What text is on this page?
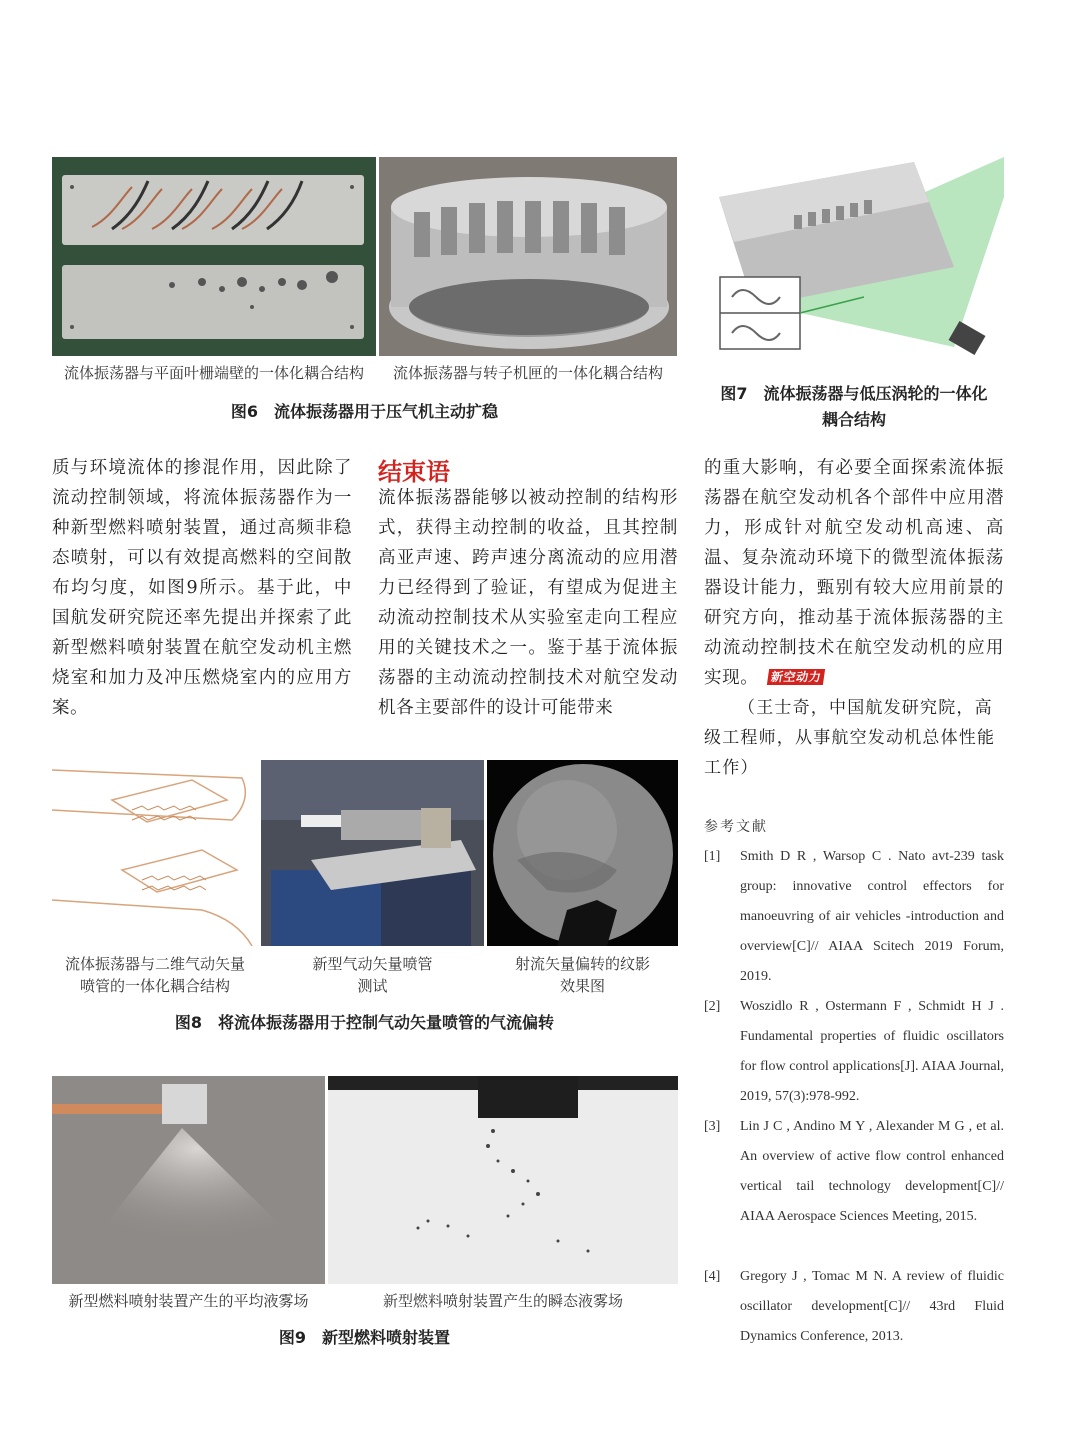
流体振荡器与平面叶栅端壁的一体化耦合结构	流体振荡器与转子机匣的一体化耦合结构
图6　流体振荡器用于压气机主动扩稳
图7　流体振荡器与低压涡轮的一体化
耦合结构
质与环境流体的掺混作用，因此除了流动控制领域，将流体振荡器作为一种新型燃料喷射装置，通过高频非稳态喷射，可以有效提高燃料的空间散布均匀度，如图9所示。基于此，中国航发研究院还率先提出并探索了此新型燃料喷射装置在航空发动机主燃烧室和加力及冲压燃烧室内的应用方案。
结束语
流体振荡器能够以被动控制的结构形式，获得主动控制的收益，且其控制高亚声速、跨声速分离流动的应用潜力已经得到了验证，有望成为促进主动流动控制技术从实验室走向工程应用的关键技术之一。鉴于基于流体振荡器的主动流动控制技术对航空发动机各主要部件的设计可能带来
的重大影响，有必要全面探索流体振荡器在航空发动机各个部件中应用潜力，形成针对航空发动机高速、高温、复杂流动环境下的微型流体振荡器设计能力，甄别有较大应用前景的研究方向，推动基于流体振荡器的主动流动控制技术在航空发动机的应用实现。 新空动力
（王士奇，中国航发研究院，高级工程师，从事航空发动机总体性能工作）
流体振荡器与二维气动矢量
喷管的一体化耦合结构
新型气动矢量喷管
测试
射流矢量偏转的纹影
效果图
图8　将流体振荡器用于控制气动矢量喷管的气流偏转
新型燃料喷射装置产生的平均液雾场	新型燃料喷射装置产生的瞬态液雾场
图9　新型燃料喷射装置
参考文献
[1] Smith D R , Warsop C . Nato avt-239 task group: innovative control effectors for manoeuvring of air vehicles -introduction and overview[C]// AIAA Scitech 2019 Forum, 2019.
[2] Woszidlo R , Ostermann F , Schmidt H J . Fundamental properties of fluidic oscillators for flow control applications[J]. AIAA Journal, 2019, 57(3):978-992.
[3] Lin J C , Andino M Y , Alexander M G , et al. An overview of active flow control enhanced vertical tail technology development[C]// AIAA Aerospace Sciences Meeting, 2015.
[4] Gregory J , Tomac M N. A review of fluidic oscillator development[C]// 43rd Fluid Dynamics Conference, 2013.
